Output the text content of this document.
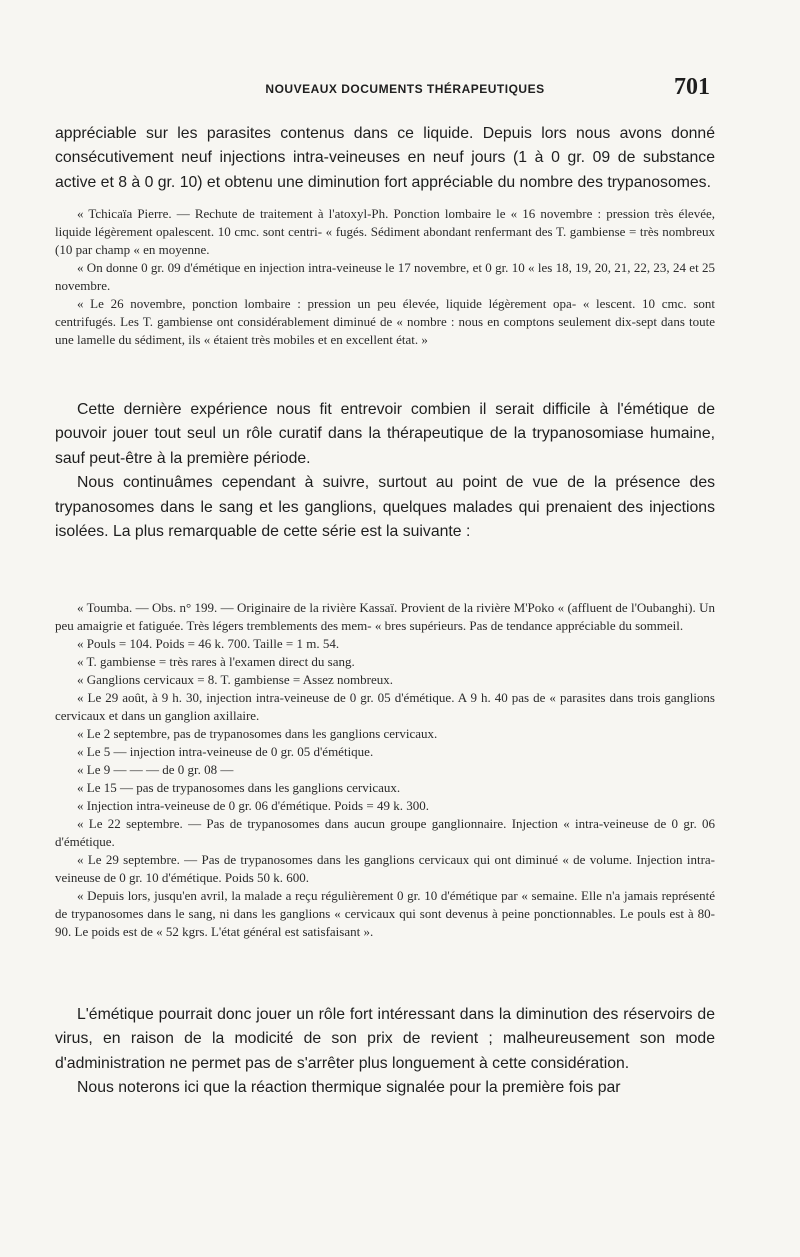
NOUVEAUX DOCUMENTS THÉRAPEUTIQUES	701

appréciable sur les parasites contenus dans ce liquide. Depuis lors nous avons donné consécutivement neuf injections intra-veineuses en neuf jours (1 à 0 gr. 09 de substance active et 8 à 0 gr. 10) et obtenu une diminution fort appréciable du nombre des trypanosomes.

« Tchicaïa Pierre. — Rechute de traitement à l'atoxyl-Ph. Ponction lombaire le « 16 novembre : pression très élevée, liquide légèrement opalescent. 10 cmc. sont centri- « fugés. Sédiment abondant renfermant des T. gambiense = très nombreux (10 par champ « en moyenne.

« On donne 0 gr. 09 d'émétique en injection intra-veineuse le 17 novembre, et 0 gr. 10 « les 18, 19, 20, 21, 22, 23, 24 et 25 novembre.

« Le 26 novembre, ponction lombaire : pression un peu élevée, liquide légèrement opa- « lescent. 10 cmc. sont centrifugés. Les T. gambiense ont considérablement diminué de « nombre : nous en comptons seulement dix-sept dans toute une lamelle du sédiment, ils « étaient très mobiles et en excellent état. »

Cette dernière expérience nous fit entrevoir combien il serait difficile à l'émétique de pouvoir jouer tout seul un rôle curatif dans la thérapeutique de la trypanosomiase humaine, sauf peut-être à la première période.

Nous continuâmes cependant à suivre, surtout au point de vue de la présence des trypanosomes dans le sang et les ganglions, quelques malades qui prenaient des injections isolées. La plus remarquable de cette série est la suivante :

« Toumba. — Obs. n° 199. — Originaire de la rivière Kassaï. Provient de la rivière M'Poko « (affluent de l'Oubanghi). Un peu amaigrie et fatiguée. Très légers tremblements des mem- « bres supérieurs. Pas de tendance appréciable du sommeil.

« Pouls = 104. Poids = 46 k. 700. Taille = 1 m. 54.

« T. gambiense = très rares à l'examen direct du sang.

« Ganglions cervicaux = 8. T. gambiense = Assez nombreux.

« Le 29 août, à 9 h. 30, injection intra-veineuse de 0 gr. 05 d'émétique. A 9 h. 40 pas de « parasites dans trois ganglions cervicaux et dans un ganglion axillaire.

« Le 2 septembre, pas de trypanosomes dans les ganglions cervicaux.

« Le 5 — injection intra-veineuse de 0 gr. 05 d'émétique.

« Le 9 — — — de 0 gr. 08 —

« Le 15 — pas de trypanosomes dans les ganglions cervicaux.

« Injection intra-veineuse de 0 gr. 06 d'émétique. Poids = 49 k. 300.

« Le 22 septembre. — Pas de trypanosomes dans aucun groupe ganglionnaire. Injection « intra-veineuse de 0 gr. 06 d'émétique.

« Le 29 septembre. — Pas de trypanosomes dans les ganglions cervicaux qui ont diminué « de volume. Injection intra-veineuse de 0 gr. 10 d'émétique. Poids 50 k. 600.

« Depuis lors, jusqu'en avril, la malade a reçu régulièrement 0 gr. 10 d'émétique par « semaine. Elle n'a jamais représenté de trypanosomes dans le sang, ni dans les ganglions « cervicaux qui sont devenus à peine ponctionnables. Le pouls est à 80-90. Le poids est de « 52 kgrs. L'état général est satisfaisant ».

L'émétique pourrait donc jouer un rôle fort intéressant dans la diminution des réservoirs de virus, en raison de la modicité de son prix de revient ; malheureusement son mode d'administration ne permet pas de s'arrêter plus longuement à cette considération.

Nous noterons ici que la réaction thermique signalée pour la première fois par
